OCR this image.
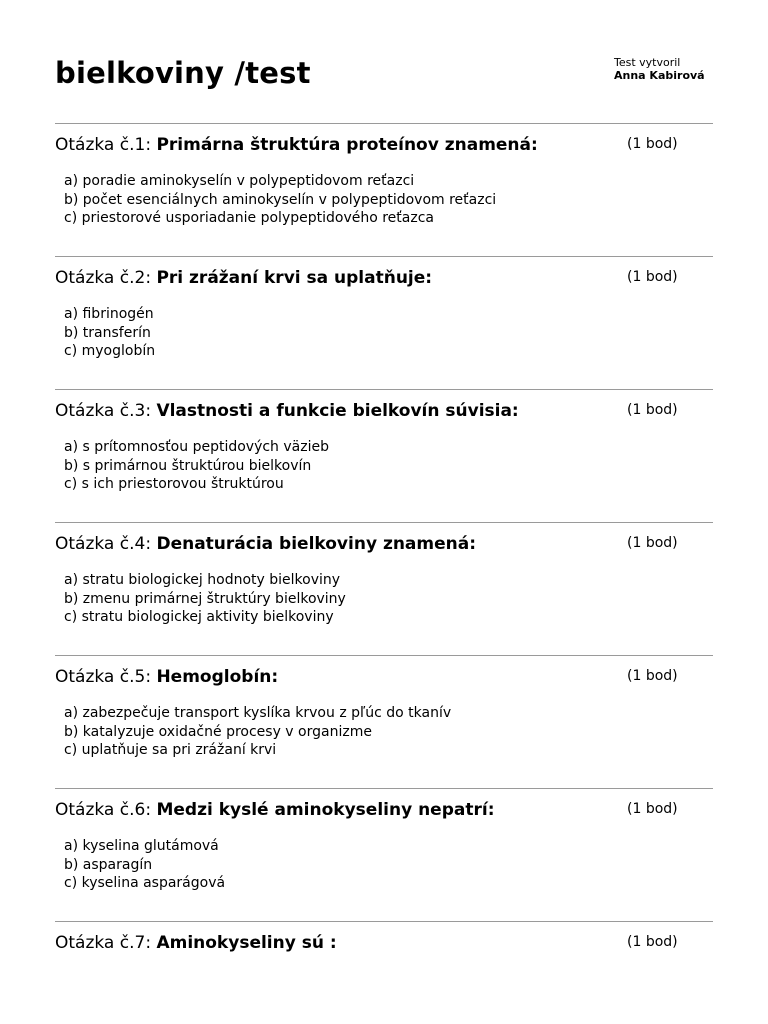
bielkoviny /test	Test vytvoril
Anna Kabirová
Otázka č.1: Primárna štruktúra proteínov znamená:	(1 bod)
a) poradie aminokyselín v polypeptidovom reťazci
b) počet esenciálnych aminokyselín v polypeptidovom reťazci
c) priestorové usporiadanie polypeptidového reťazca
Otázka č.2: Pri zrážaní krvi sa uplatňuje:	(1 bod)
a) fibrinogén
b) transferín
c) myoglobín
Otázka č.3: Vlastnosti a funkcie bielkovín súvisia:	(1 bod)
a) s prítomnosťou peptidových väzieb
b) s primárnou štruktúrou bielkovín
c) s ich priestorovou štruktúrou
Otázka č.4: Denaturácia bielkoviny znamená:	(1 bod)
a) stratu biologickej hodnoty bielkoviny
b) zmenu primárnej štruktúry bielkoviny
c) stratu biologickej aktivity bielkoviny
Otázka č.5: Hemoglobín:	(1 bod)
a) zabezpečuje transport kyslíka krvou z pľúc do tkanív
b) katalyzuje oxidačné procesy v organizme
c) uplatňuje sa pri zrážaní krvi
Otázka č.6: Medzi kyslé aminokyseliny nepatrí:	(1 bod)
a) kyselina glutámová
b) asparagín
c) kyselina asparágová
Otázka č.7: Aminokyseliny sú :	(1 bod)
